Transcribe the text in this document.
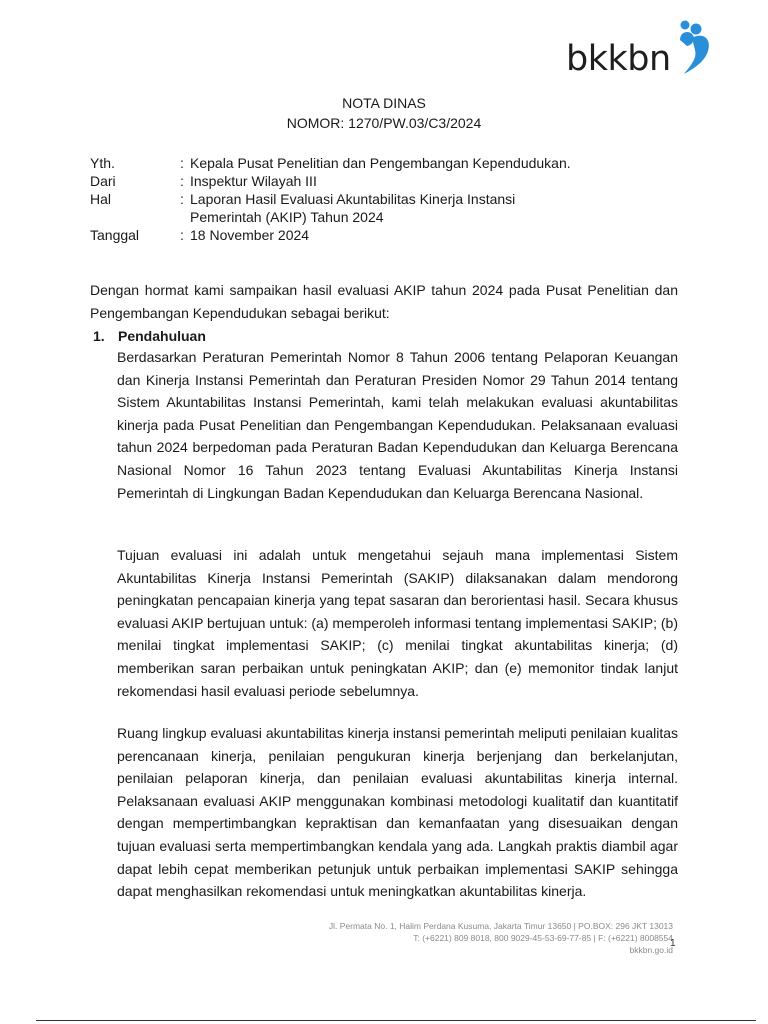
bkkbn
NOTA DINAS
NOMOR: 1270/PW.03/C3/2024
Yth.	: Kepala Pusat Penelitian dan Pengembangan Kependudukan.
Dari	: Inspektur Wilayah III
Hal	: Laporan Hasil Evaluasi Akuntabilitas Kinerja Instansi Pemerintah (AKIP) Tahun 2024
Tanggal	: 18 November 2024
Dengan hormat kami sampaikan hasil evaluasi AKIP tahun 2024 pada Pusat Penelitian dan Pengembangan Kependudukan sebagai berikut:
1. Pendahuluan
Berdasarkan Peraturan Pemerintah Nomor 8 Tahun 2006 tentang Pelaporan Keuangan dan Kinerja Instansi Pemerintah dan Peraturan Presiden Nomor 29 Tahun 2014 tentang Sistem Akuntabilitas Instansi Pemerintah, kami telah melakukan evaluasi akuntabilitas kinerja pada Pusat Penelitian dan Pengembangan Kependudukan. Pelaksanaan evaluasi tahun 2024 berpedoman pada Peraturan Badan Kependudukan dan Keluarga Berencana Nasional Nomor 16 Tahun 2023 tentang Evaluasi Akuntabilitas Kinerja Instansi Pemerintah di Lingkungan Badan Kependudukan dan Keluarga Berencana Nasional.
Tujuan evaluasi ini adalah untuk mengetahui sejauh mana implementasi Sistem Akuntabilitas Kinerja Instansi Pemerintah (SAKIP) dilaksanakan dalam mendorong peningkatan pencapaian kinerja yang tepat sasaran dan berorientasi hasil. Secara khusus evaluasi AKIP bertujuan untuk: (a) memperoleh informasi tentang implementasi SAKIP; (b) menilai tingkat implementasi SAKIP; (c) menilai tingkat akuntabilitas kinerja; (d) memberikan saran perbaikan untuk peningkatan AKIP; dan (e) memonitor tindak lanjut rekomendasi hasil evaluasi periode sebelumnya.
Ruang lingkup evaluasi akuntabilitas kinerja instansi pemerintah meliputi penilaian kualitas perencanaan kinerja, penilaian pengukuran kinerja berjenjang dan berkelanjutan, penilaian pelaporan kinerja, dan penilaian evaluasi akuntabilitas kinerja internal. Pelaksanaan evaluasi AKIP menggunakan kombinasi metodologi kualitatif dan kuantitatif dengan mempertimbangkan kepraktisan dan kemanfaatan yang disesuaikan dengan tujuan evaluasi serta mempertimbangkan kendala yang ada. Langkah praktis diambil agar dapat lebih cepat memberikan petunjuk untuk perbaikan implementasi SAKIP sehingga dapat menghasilkan rekomendasi untuk meningkatkan akuntabilitas kinerja.
Jl. Permata No. 1, Halim Perdana Kusuma, Jakarta Timur 13650 | PO.BOX: 296 JKT 13013
T: (+6221) 809 8018, 800 9029-45-53-69-77-85 | F: (+6221) 8008554
bkkbn.go.id
1
